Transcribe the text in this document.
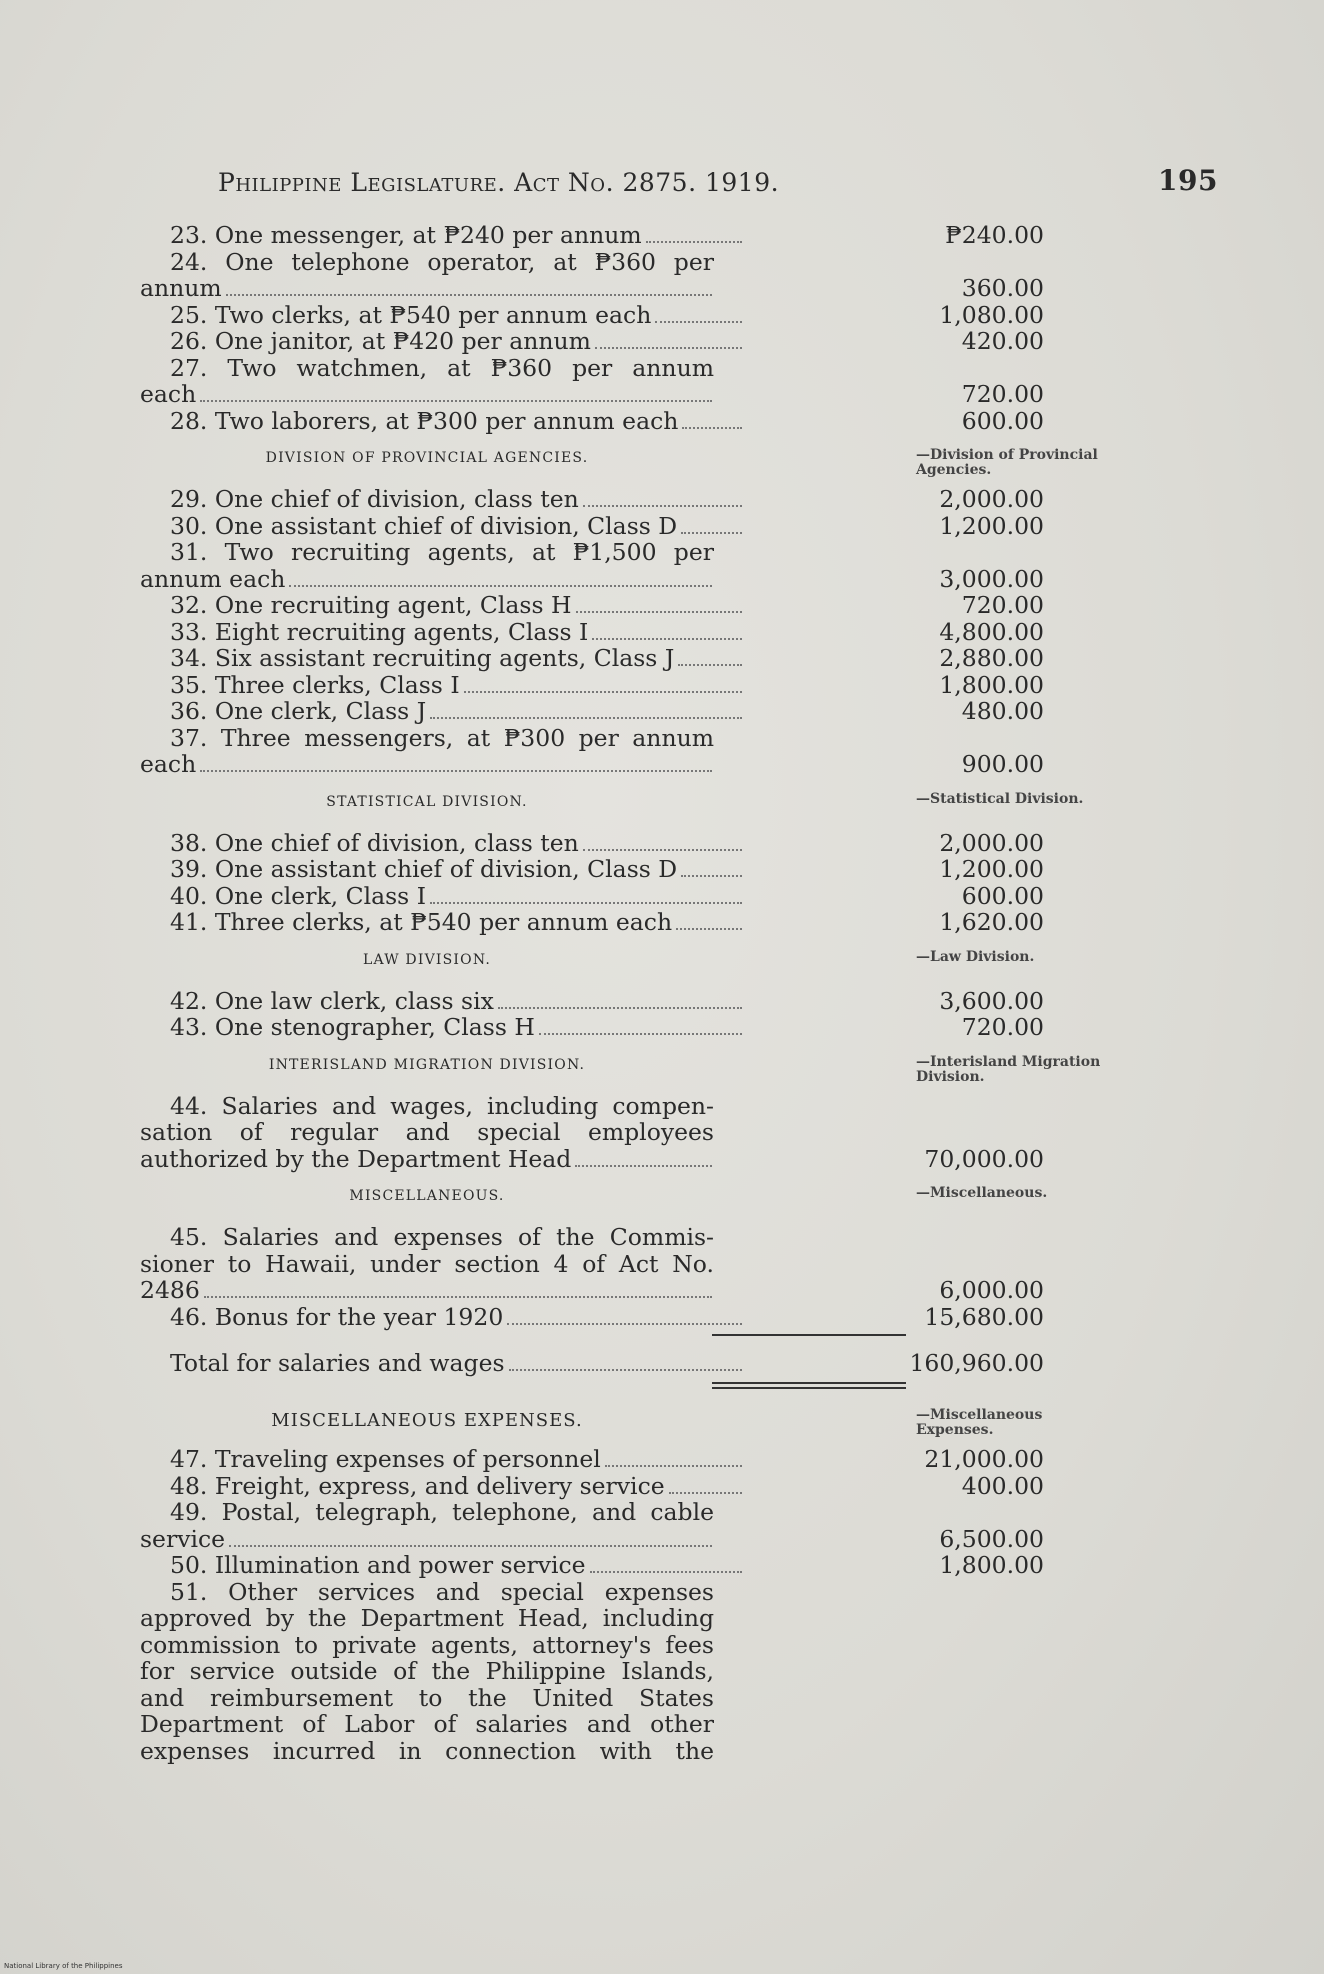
Philippine Legislature. Act No. 2875. 1919.	195
23. One messenger, at ₱240 per annum	₱240.00
24. One telephone operator, at ₱360 per
annum	360.00
25. Two clerks, at ₱540 per annum each	1,080.00
26. One janitor, at ₱420 per annum	420.00
27. Two watchmen, at ₱360 per annum
each	720.00
28. Two laborers, at ₱300 per annum each	600.00
DIVISION OF PROVINCIAL AGENCIES.	—Division of Provincial Agencies.
29. One chief of division, class ten	2,000.00
30. One assistant chief of division, Class D	1,200.00
31. Two recruiting agents, at ₱1,500 per
annum each	3,000.00
32. One recruiting agent, Class H	720.00
33. Eight recruiting agents, Class I	4,800.00
34. Six assistant recruiting agents, Class J	2,880.00
35. Three clerks, Class I	1,800.00
36. One clerk, Class J	480.00
37. Three messengers, at ₱300 per annum
each	900.00
STATISTICAL DIVISION.	—Statistical Division.
38. One chief of division, class ten	2,000.00
39. One assistant chief of division, Class D	1,200.00
40. One clerk, Class I	600.00
41. Three clerks, at ₱540 per annum each	1,620.00
LAW DIVISION.	—Law Division.
42. One law clerk, class six	3,600.00
43. One stenographer, Class H	720.00
INTERISLAND MIGRATION DIVISION.	—Interisland Migration Division.
44. Salaries and wages, including compen-
sation of regular and special employees
authorized by the Department Head	70,000.00
MISCELLANEOUS.	—Miscellaneous.
45. Salaries and expenses of the Commis-
sioner to Hawaii, under section 4 of Act No.
2486	6,000.00
46. Bonus for the year 1920	15,680.00
Total for salaries and wages	160,960.00
MISCELLANEOUS EXPENSES.	—Miscellaneous Expenses.
47. Traveling expenses of personnel	21,000.00
48. Freight, express, and delivery service	400.00
49. Postal, telegraph, telephone, and cable
service	6,500.00
50. Illumination and power service	1,800.00
51. Other services and special expenses
approved by the Department Head, including
commission to private agents, attorney's fees
for service outside of the Philippine Islands,
and reimbursement to the United States
Department of Labor of salaries and other
expenses incurred in connection with the
National Library of the Philippines
